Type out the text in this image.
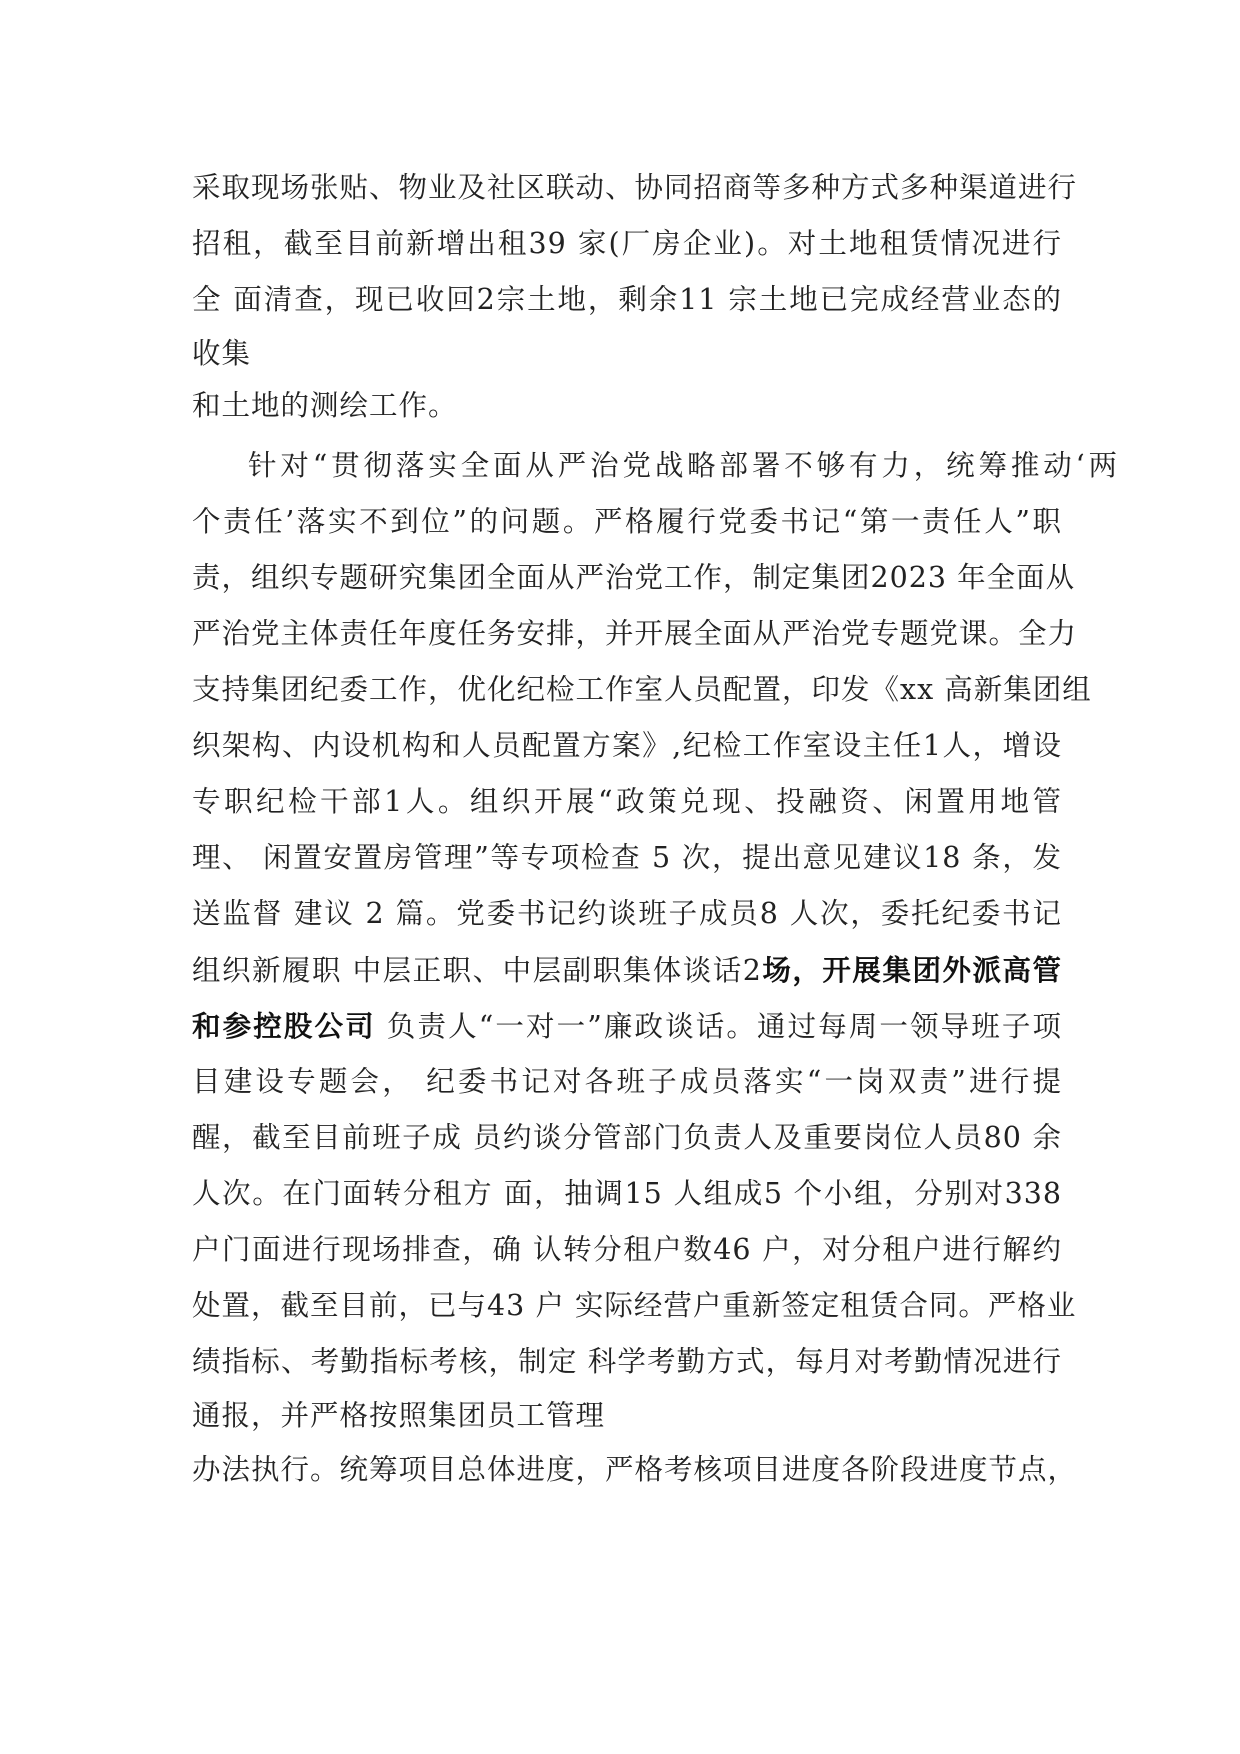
采取现场张贴、物业及社区联动、协同招商等多种方式多种渠道进行
招租，截至目前新增出租39 家(厂房企业)。对土地租赁情况进行
全 面清查，现已收回2宗土地，剩余11 宗土地已完成经营业态的
收集
和土地的测绘工作。
针对“贯彻落实全面从严治党战略部署不够有力，统筹推动‘两
个责任’落实不到位”的问题。严格履行党委书记“第一责任人”职
责，组织专题研究集团全面从严治党工作，制定集团2023 年全面从
严治党主体责任年度任务安排，并开展全面从严治党专题党课。全力
支持集团纪委工作，优化纪检工作室人员配置，印发《xx 高新集团组
织架构、内设机构和人员配置方案》,纪检工作室设主任1人，增设
专职纪检干部1人。组织开展“政策兑现、投融资、闲置用地管
理、 闲置安置房管理”等专项检查 5 次，提出意见建议18 条，发
送监督 建议 2 篇。党委书记约谈班子成员8 人次，委托纪委书记
组织新履职 中层正职、中层副职集体谈话2场，开展集团外派高管
和参控股公司 负责人“一对一”廉政谈话。通过每周一领导班子项
目建设专题会， 纪委书记对各班子成员落实“一岗双责”进行提
醒，截至目前班子成 员约谈分管部门负责人及重要岗位人员80 余
人次。在门面转分租方 面，抽调15 人组成5 个小组，分别对338
户门面进行现场排查，确 认转分租户数46 户，对分租户进行解约
处置，截至目前，已与43 户 实际经营户重新签定租赁合同。严格业
绩指标、考勤指标考核，制定 科学考勤方式，每月对考勤情况进行
通报，并严格按照集团员工管理
办法执行。统筹项目总体进度，严格考核项目进度各阶段进度节点，
